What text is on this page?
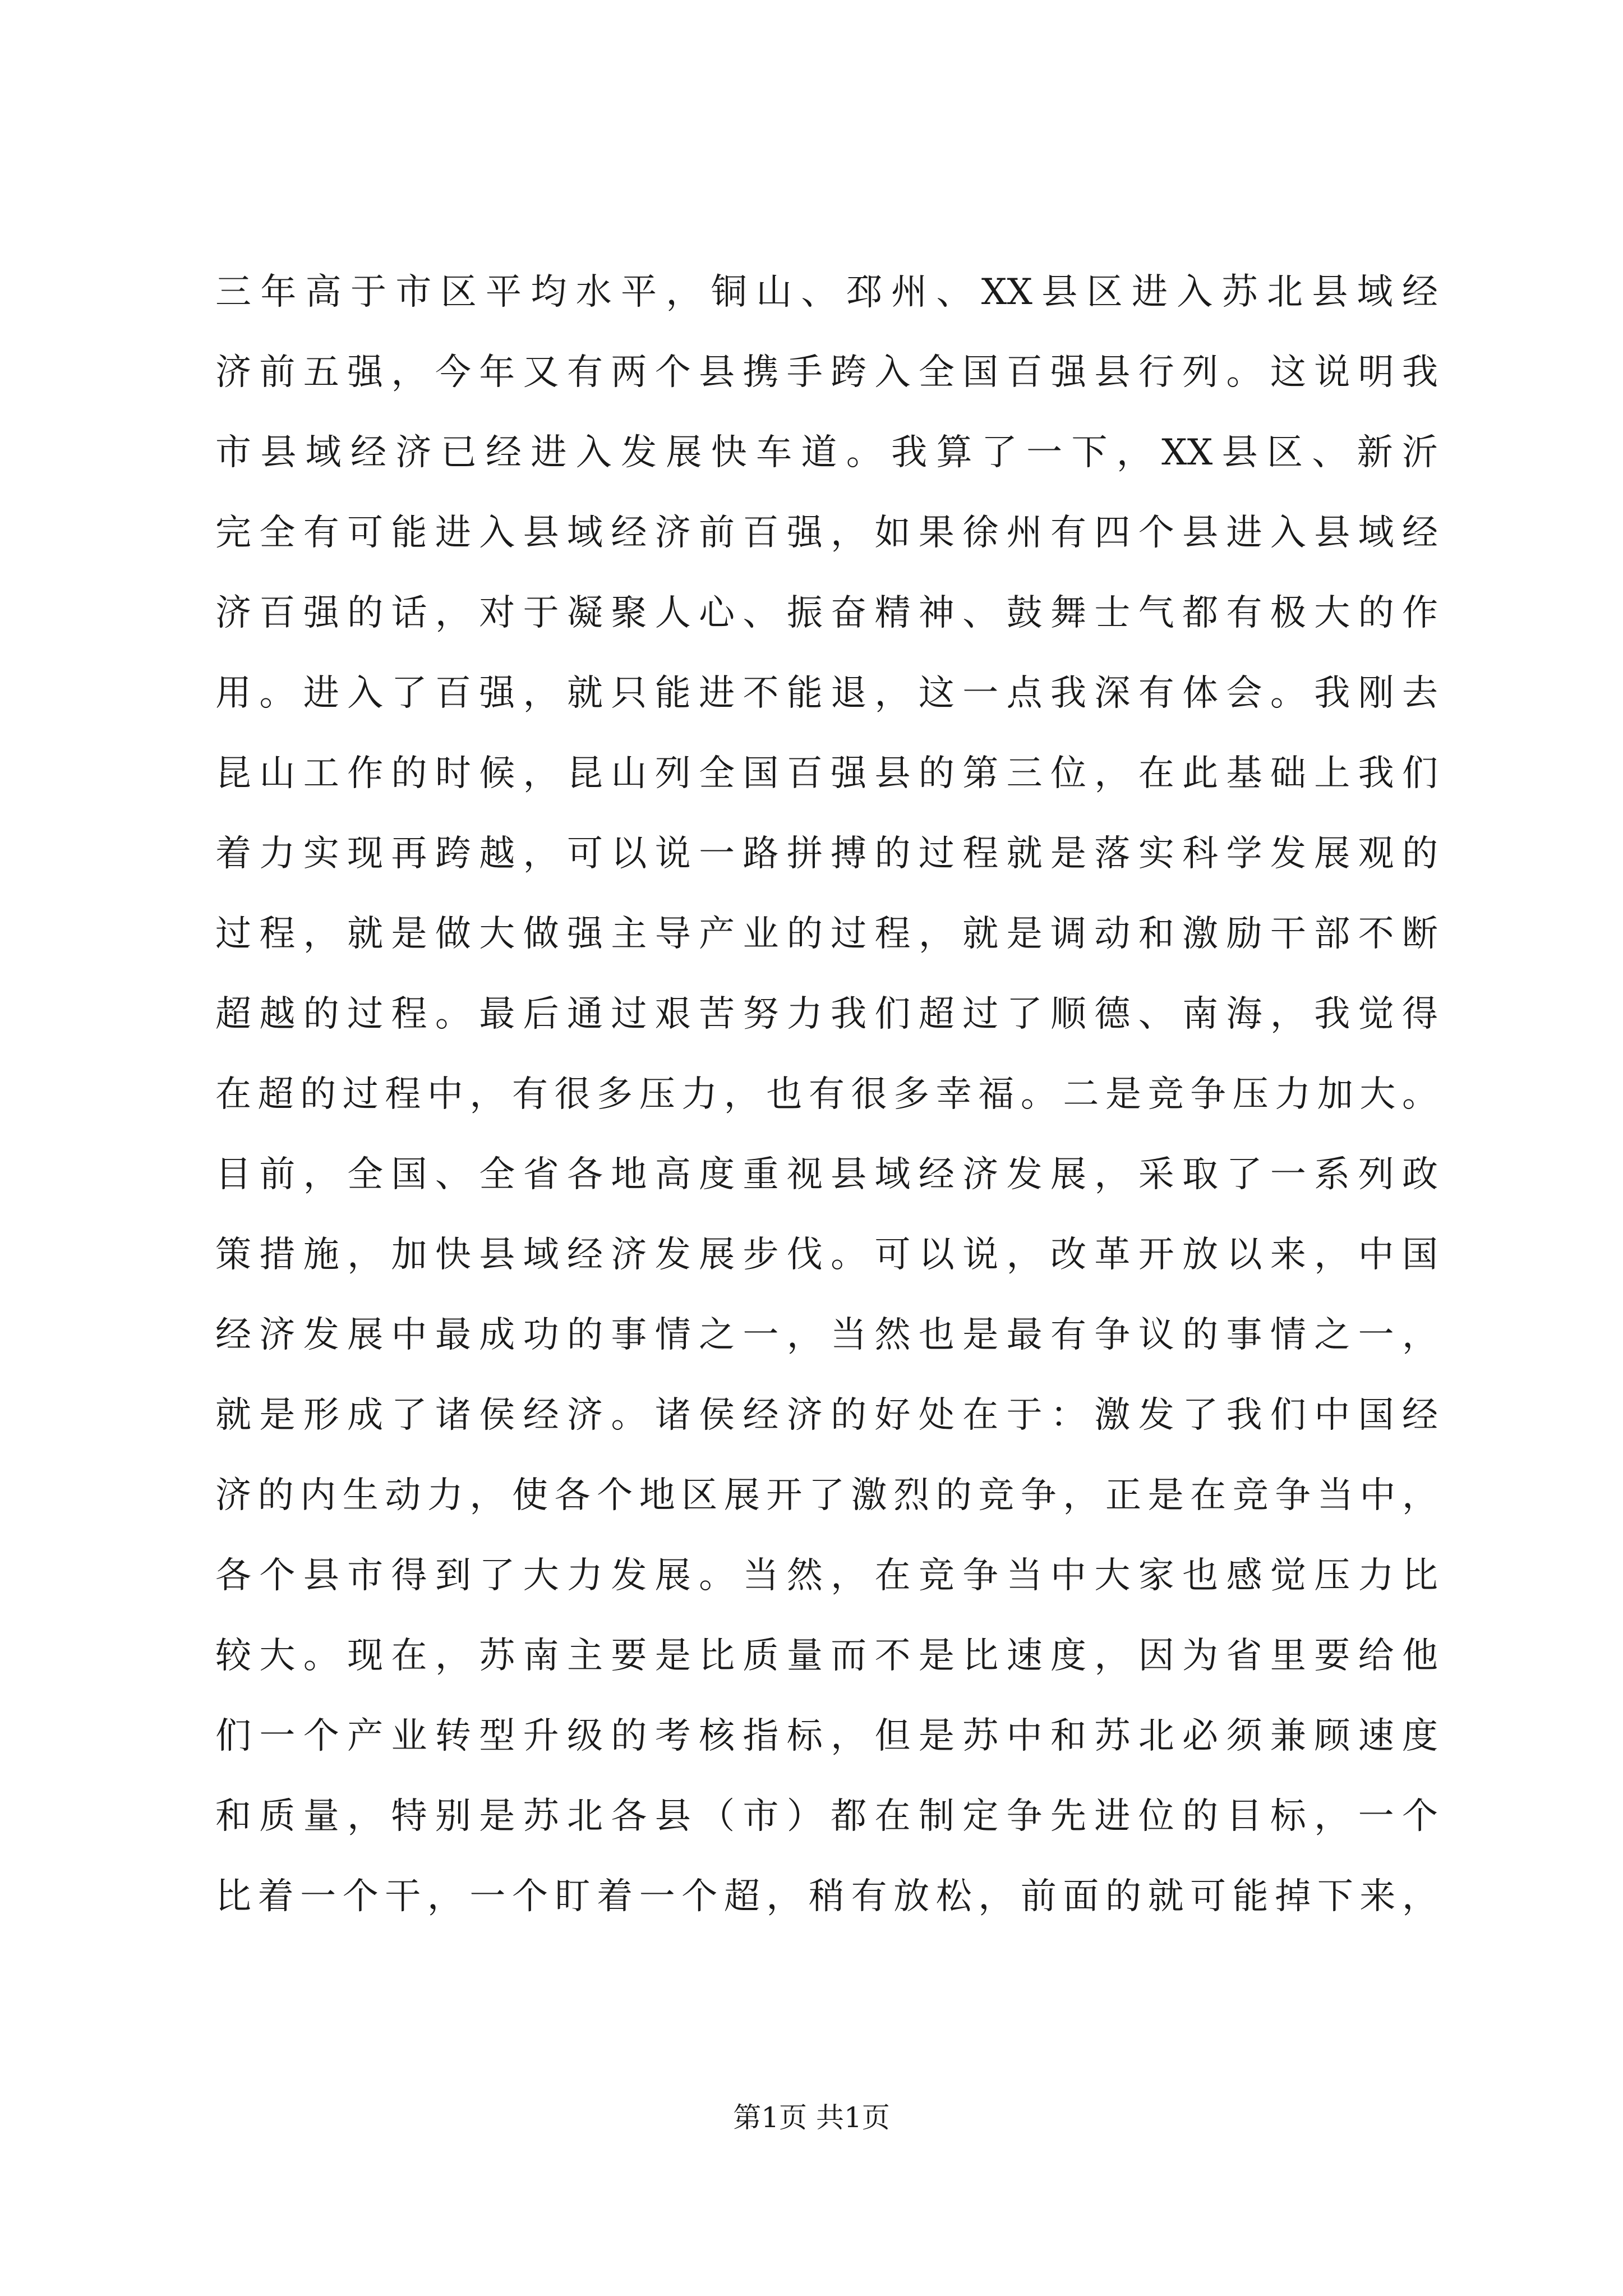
三年高于市区平均水平，铜山、邳州、XX县区进入苏北县域经
济前五强，今年又有两个县携手跨入全国百强县行列。这说明我
市县域经济已经进入发展快车道。我算了一下，XX县区、新沂
完全有可能进入县域经济前百强，如果徐州有四个县进入县域经
济百强的话，对于凝聚人心、振奋精神、鼓舞士气都有极大的作
用。进入了百强，就只能进不能退，这一点我深有体会。我刚去
昆山工作的时候，昆山列全国百强县的第三位，在此基础上我们
着力实现再跨越，可以说一路拼搏的过程就是落实科学发展观的
过程，就是做大做强主导产业的过程，就是调动和激励干部不断
超越的过程。最后通过艰苦努力我们超过了顺德、南海，我觉得
在超的过程中，有很多压力，也有很多幸福。二是竞争压力加大。
目前，全国、全省各地高度重视县域经济发展，采取了一系列政
策措施，加快县域经济发展步伐。可以说，改革开放以来，中国
经济发展中最成功的事情之一，当然也是最有争议的事情之一，
就是形成了诸侯经济。诸侯经济的好处在于：激发了我们中国经
济的内生动力，使各个地区展开了激烈的竞争，正是在竞争当中，
各个县市得到了大力发展。当然，在竞争当中大家也感觉压力比
较大。现在，苏南主要是比质量而不是比速度，因为省里要给他
们一个产业转型升级的考核指标，但是苏中和苏北必须兼顾速度
和质量，特别是苏北各县（市）都在制定争先进位的目标，一个
比着一个干，一个盯着一个超，稍有放松，前面的就可能掉下来，
第1页 共1页
